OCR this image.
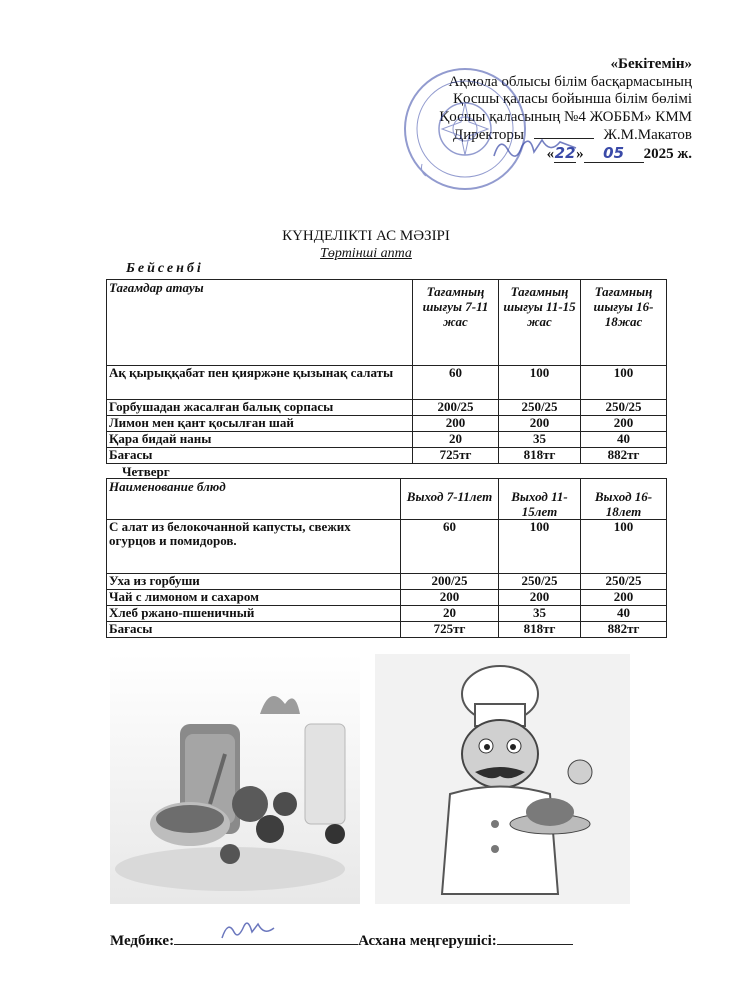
«Бекітемін»
Ақмола облысы білім басқармасының
Қосшы қаласы бойынша білім бөлімі
Қосшы қаласының №4 ЖОББМ» КММ
Директоры	Ж.М.Макатов
«22» 05 2025 ж.
КҮНДЕЛІКТІ АС МӘЗІРІ
Төртінші апта
Бейсенбі
Тағамдар атауы	Тағамның шығуы 7-11 жас	Тағамның шығуы 11-15 жас	Тағамның шығуы 16-18жас
Ақ қырыққабат пен қияржәне қызынақ салаты	60	100	100
Горбушадан жасалған балық сорпасы	200/25	250/25	250/25
Лимон мен қант қосылған шай	200	200	200
Қара бидай наны	20	35	40
Бағасы	725тг	818тг	882тг
Четверг
Наименование блюд	Выход 7-11лет	Выход 11-15лет	Выход 16-18лет
С алат из белокочанной капусты, свежих огурцов и помидоров.	60	100	100
Уха из горбуши	200/25	250/25	250/25
Чай с лимоном и сахаром	200	200	200
Хлеб ржано-пшеничный	20	35	40
Бағасы	725тг	818тг	882тг
Медбике:	Асхана меңгерушісі:
